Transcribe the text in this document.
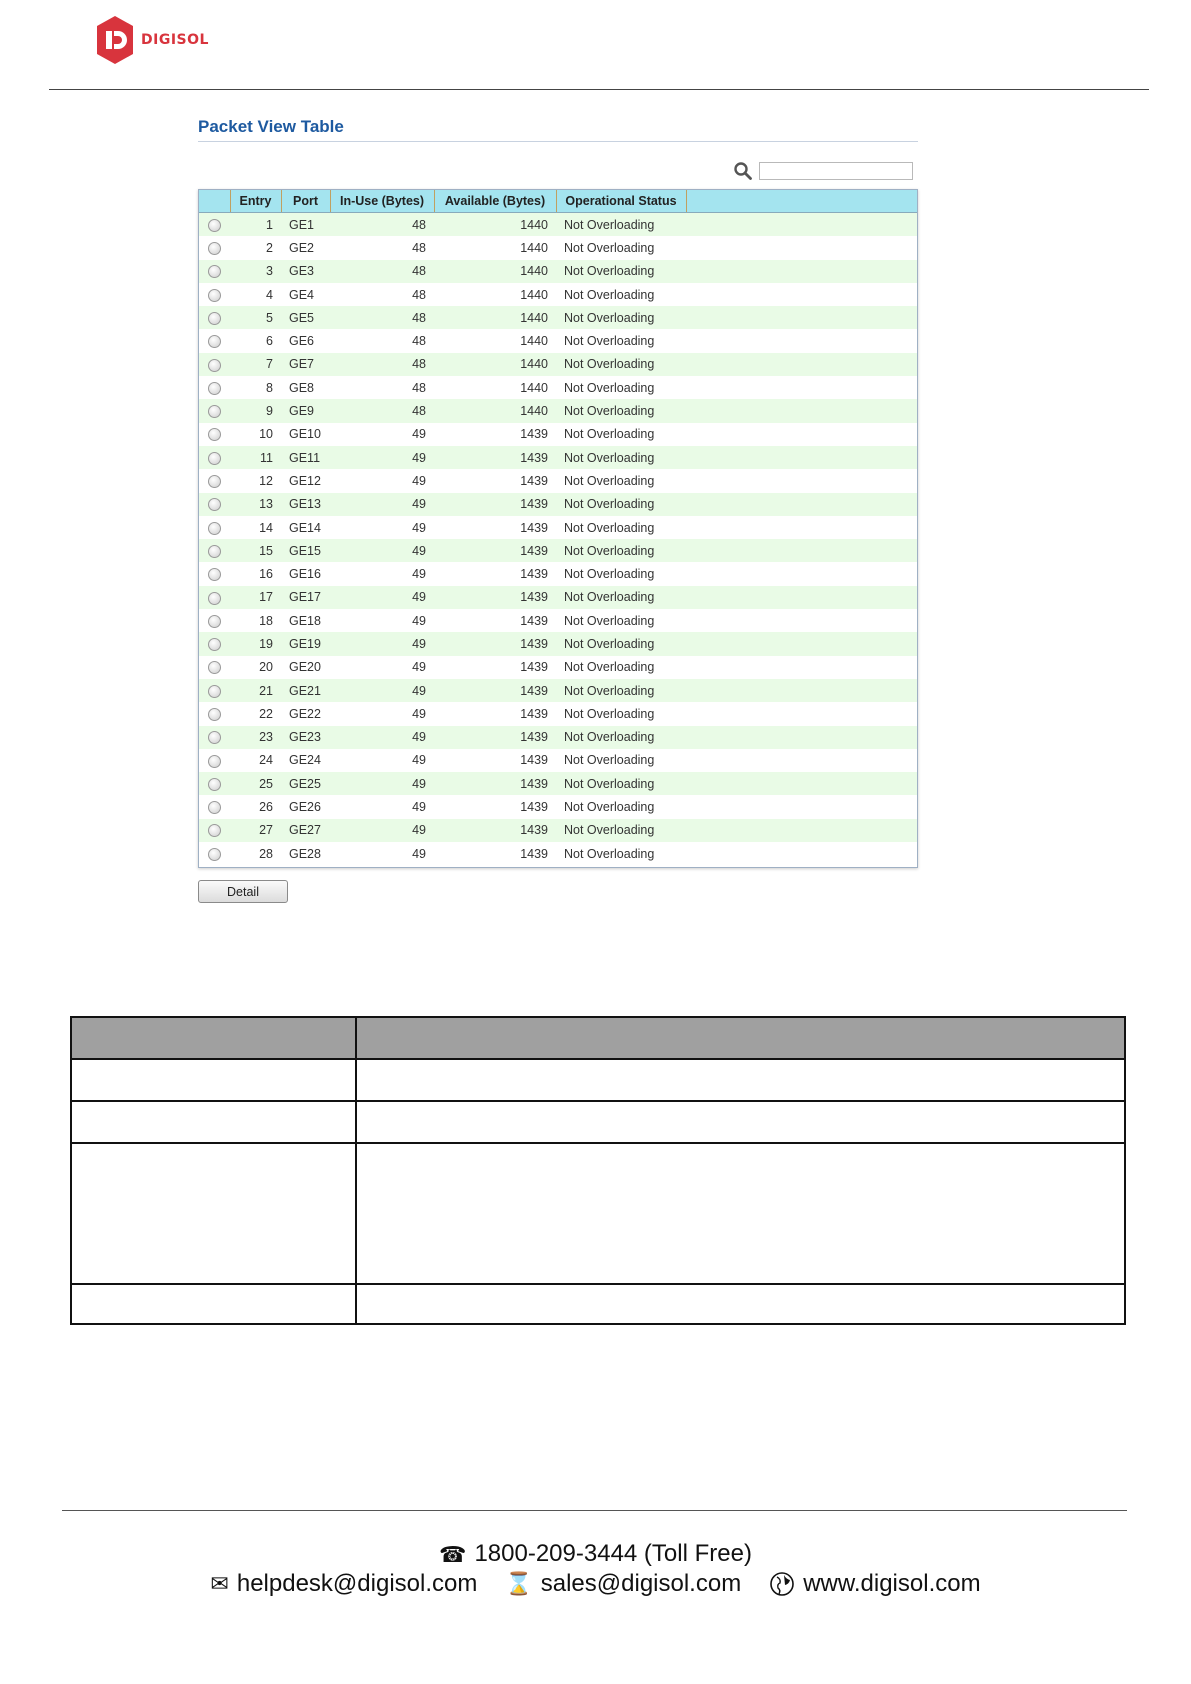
DIGISOL
Packet View Table
	Entry	Port	In-Use (Bytes)	Available (Bytes)	Operational Status	
	1	GE1	48	1440	Not Overloading	
	2	GE2	48	1440	Not Overloading	
	3	GE3	48	1440	Not Overloading	
	4	GE4	48	1440	Not Overloading	
	5	GE5	48	1440	Not Overloading	
	6	GE6	48	1440	Not Overloading	
	7	GE7	48	1440	Not Overloading	
	8	GE8	48	1440	Not Overloading	
	9	GE9	48	1440	Not Overloading	
	10	GE10	49	1439	Not Overloading	
	11	GE11	49	1439	Not Overloading	
	12	GE12	49	1439	Not Overloading	
	13	GE13	49	1439	Not Overloading	
	14	GE14	49	1439	Not Overloading	
	15	GE15	49	1439	Not Overloading	
	16	GE16	49	1439	Not Overloading	
	17	GE17	49	1439	Not Overloading	
	18	GE18	49	1439	Not Overloading	
	19	GE19	49	1439	Not Overloading	
	20	GE20	49	1439	Not Overloading	
	21	GE21	49	1439	Not Overloading	
	22	GE22	49	1439	Not Overloading	
	23	GE23	49	1439	Not Overloading	
	24	GE24	49	1439	Not Overloading	
	25	GE25	49	1439	Not Overloading	
	26	GE26	49	1439	Not Overloading	
	27	GE27	49	1439	Not Overloading	
	28	GE28	49	1439	Not Overloading	
Detail

☎ 1800-209-3444 (Toll Free)
✉ helpdesk@digisol.com ⌛ sales@digisol.com	www.digisol.com
